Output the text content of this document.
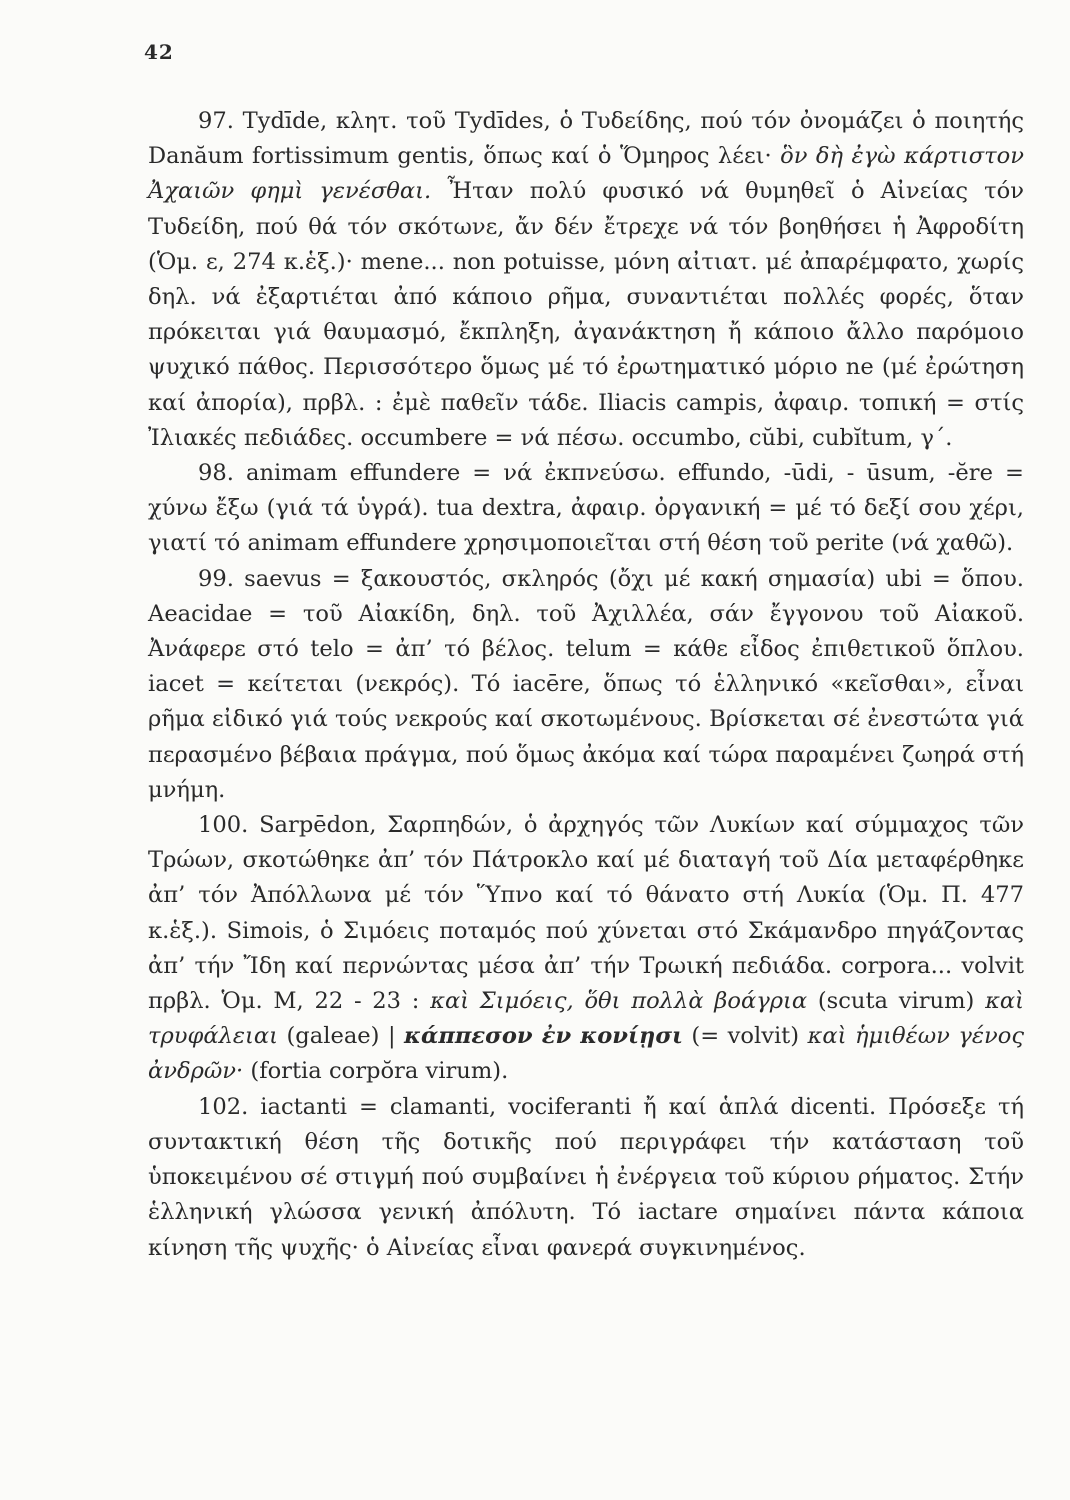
42

97. Tydīde, κλητ. τοῦ Tydīdes, ὁ Τυδείδης, πού τόν ὀνομάζει ὁ ποιητής Danăum fortissimum gentis, ὅπως καί ὁ Ὅμηρος λέει· ὃν δὴ ἐγὼ κάρτιστον Ἀχαιῶν φημὶ γενέσθαι. Ἦταν πολύ φυσικό νά θυμηθεῖ ὁ Αἰνείας τόν Τυδείδη, πού θά τόν σκότωνε, ἄν δέν ἔτρεχε νά τόν βοηθήσει ἡ Ἀφροδίτη (Ὁμ. ε, 274 κ.ἑξ.)· mene... non potuisse, μόνη αἰτιατ. μέ ἀπαρέμφατο, χωρίς δηλ. νά ἐξαρτιέται ἀπό κάποιο ρῆμα, συναντιέται πολλές φορές, ὅταν πρόκειται γιά θαυμασμό, ἔκπληξη, ἀγανάκτηση ἤ κάποιο ἄλλο παρόμοιο ψυχικό πάθος. Περισσότερο ὅμως μέ τό ἐρωτηματικό μόριο ne (μέ ἐρώτηση καί ἀπορία), πρβλ. : ἐμὲ παθεῖν τάδε. Iliacis campis, ἀφαιρ. τοπική = στίς Ἰλιακές πεδιάδες. occumbere = νά πέσω. occumbo, cŭbi, cubĭtum, γ΄.

98. animam effundere = νά ἐκπνεύσω. effundo, -ūdi, - ūsum, -ĕre = χύνω ἔξω (γιά τά ὑγρά). tua dextra, ἀφαιρ. ὀργανική = μέ τό δεξί σου χέρι, γιατί τό animam effundere χρησιμοποιεῖται στή θέση τοῦ perite (νά χαθῶ).

99. saevus = ξακουστός, σκληρός (ὄχι μέ κακή σημασία) ubi = ὅπου. Aeacidae = τοῦ Αἰακίδη, δηλ. τοῦ Ἀχιλλέα, σάν ἔγγονου τοῦ Αἰακοῦ. Ἀνάφερε στό telo = ἀπ’ τό βέλος. telum = κάθε εἶδος ἐπιθετικοῦ ὅπλου. iacet = κείτεται (νεκρός). Τό iacēre, ὅπως τό ἑλληνικό «κεῖσθαι», εἶναι ρῆμα εἰδικό γιά τούς νεκρούς καί σκοτωμένους. Βρίσκεται σέ ἐνεστώτα γιά περασμένο βέβαια πράγμα, πού ὅμως ἀκόμα καί τώρα παραμένει ζωηρά στή μνήμη.

100. Sarpēdon, Σαρπηδών, ὁ ἀρχηγός τῶν Λυκίων καί σύμμαχος τῶν Τρώων, σκοτώθηκε ἀπ’ τόν Πάτροκλο καί μέ διαταγή τοῦ Δία μεταφέρθηκε ἀπ’ τόν Ἀπόλλωνα μέ τόν Ὕπνο καί τό θάνατο στή Λυκία (Ὁμ. Π. 477 κ.ἑξ.). Simois, ὁ Σιμόεις ποταμός πού χύνεται στό Σκάμανδρο πηγάζοντας ἀπ’ τήν Ἴδη καί περνώντας μέσα ἀπ’ τήν Τρωική πεδιάδα. corpora... volvit πρβλ. Ὁμ. Μ, 22 - 23 : καὶ Σιμόεις, ὅθι πολλὰ βοάγρια (scuta virum) καὶ τρυφάλειαι (galeae) | κάππεσον ἐν κονίῃσι (= volvit) καὶ ἡμιθέων γένος ἀνδρῶν· (fortia corpŏra virum).

102. iactanti = clamanti, vociferanti ἤ καί ἁπλά dicenti. Πρόσεξε τή συντακτική θέση τῆς δοτικῆς πού περιγράφει τήν κατάσταση τοῦ ὑποκειμένου σέ στιγμή πού συμβαίνει ἡ ἐνέργεια τοῦ κύριου ρήματος. Στήν ἑλληνική γλώσσα γενική ἀπόλυτη. Τό iactare σημαίνει πάντα κάποια κίνηση τῆς ψυχῆς· ὁ Αἰνείας εἶναι φανερά συγκινημένος.
